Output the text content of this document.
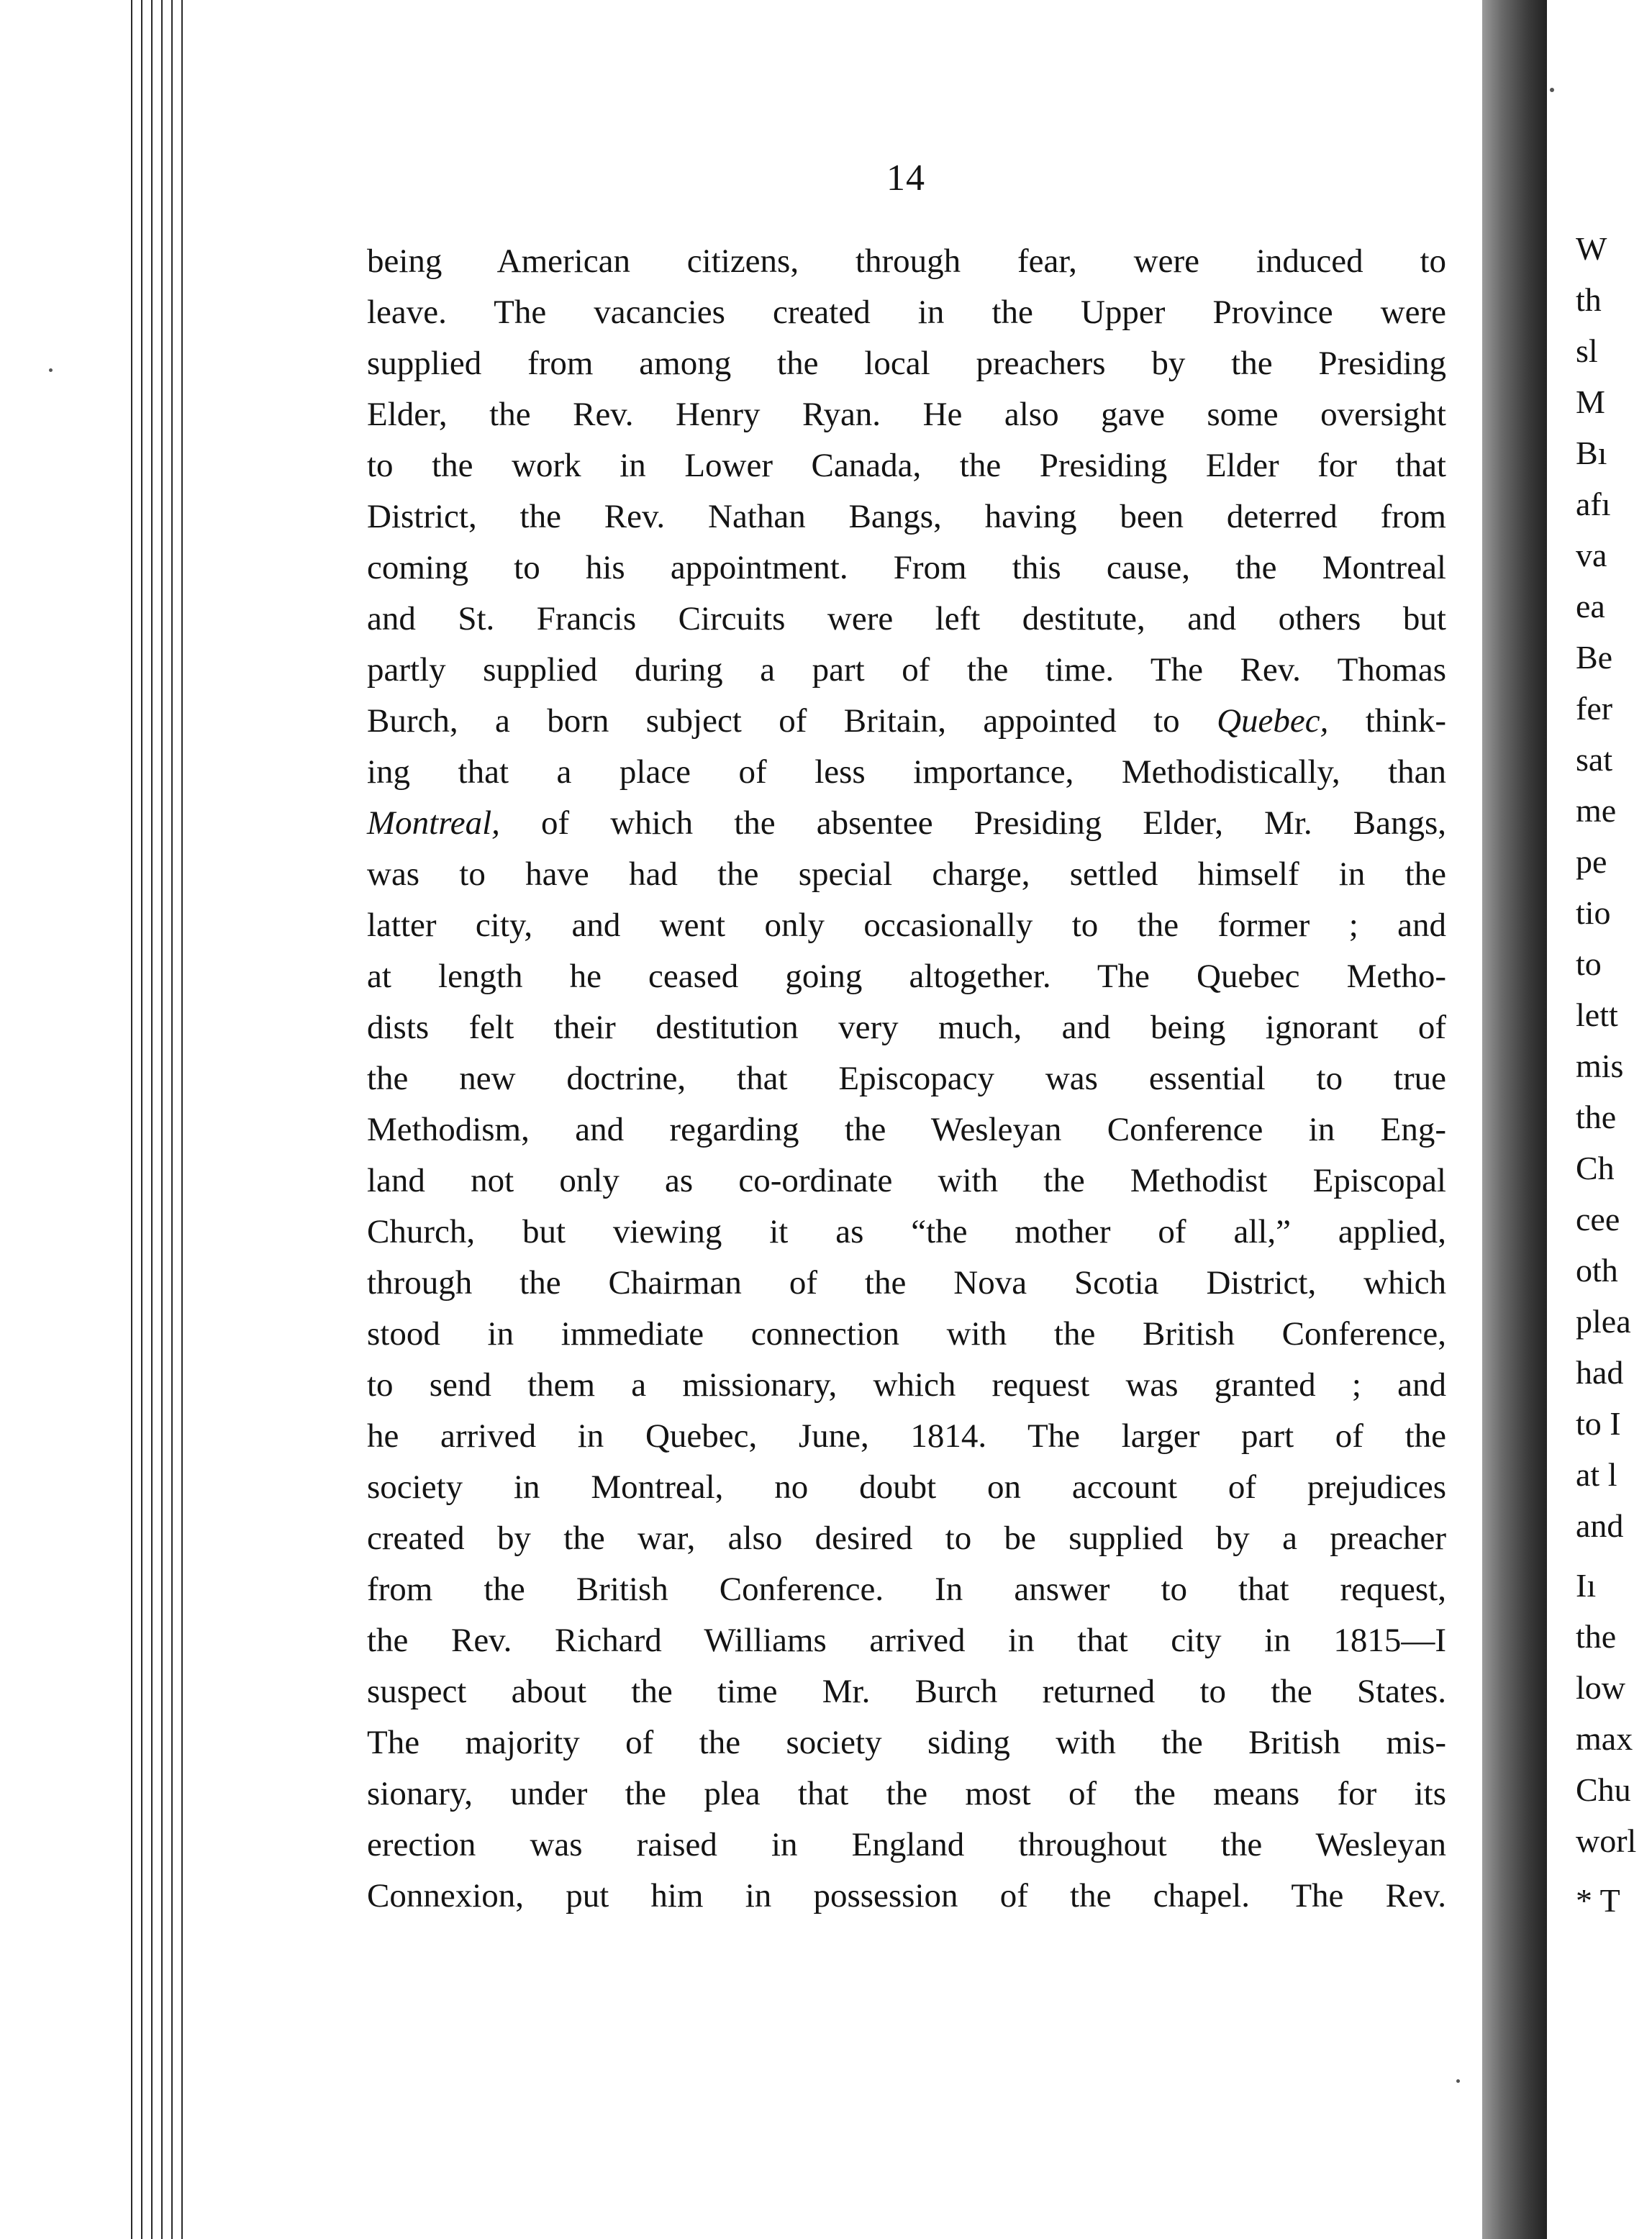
14
being American citizens, through fear, were induced to
leave. The vacancies created in the Upper Province were
supplied from among the local preachers by the Presiding
Elder, the Rev. Henry Ryan. He also gave some oversight
to the work in Lower Canada, the Presiding Elder for that
District, the Rev. Nathan Bangs, having been deterred from
coming to his appointment. From this cause, the Montreal
and St. Francis Circuits were left destitute, and others but
partly supplied during a part of the time. The Rev. Thomas
Burch, a born subject of Britain, appointed to Quebec, think-
ing that a place of less importance, Methodistically, than
Montreal, of which the absentee Presiding Elder, Mr. Bangs,
was to have had the special charge, settled himself in the
latter city, and went only occasionally to the former ; and
at length he ceased going altogether. The Quebec Metho-
dists felt their destitution very much, and being ignorant of
the new doctrine, that Episcopacy was essential to true
Methodism, and regarding the Wesleyan Conference in Eng-
land not only as co-ordinate with the Methodist Episcopal
Church, but viewing it as “the mother of all,” applied,
through the Chairman of the Nova Scotia District, which
stood in immediate connection with the British Conference,
to send them a missionary, which request was granted ; and
he arrived in Quebec, June, 1814. The larger part of the
society in Montreal, no doubt on account of prejudices
created by the war, also desired to be supplied by a preacher
from the British Conference. In answer to that request,
the Rev. Richard Williams arrived in that city in 1815—I
suspect about the time Mr. Burch returned to the States.
The majority of the society siding with the British mis-
sionary, under the plea that the most of the means for its
erection was raised in England throughout the Wesleyan
Connexion, put him in possession of the chapel. The Rev.
W
th
sl
M
Bı
afı
va
ea
Be
fer
sat
me
pe
tio
to
lett
mis
the
Ch
cee
oth
plea
had
to I
at l
and
Iı
the
low
max
Chu
worl
* T
